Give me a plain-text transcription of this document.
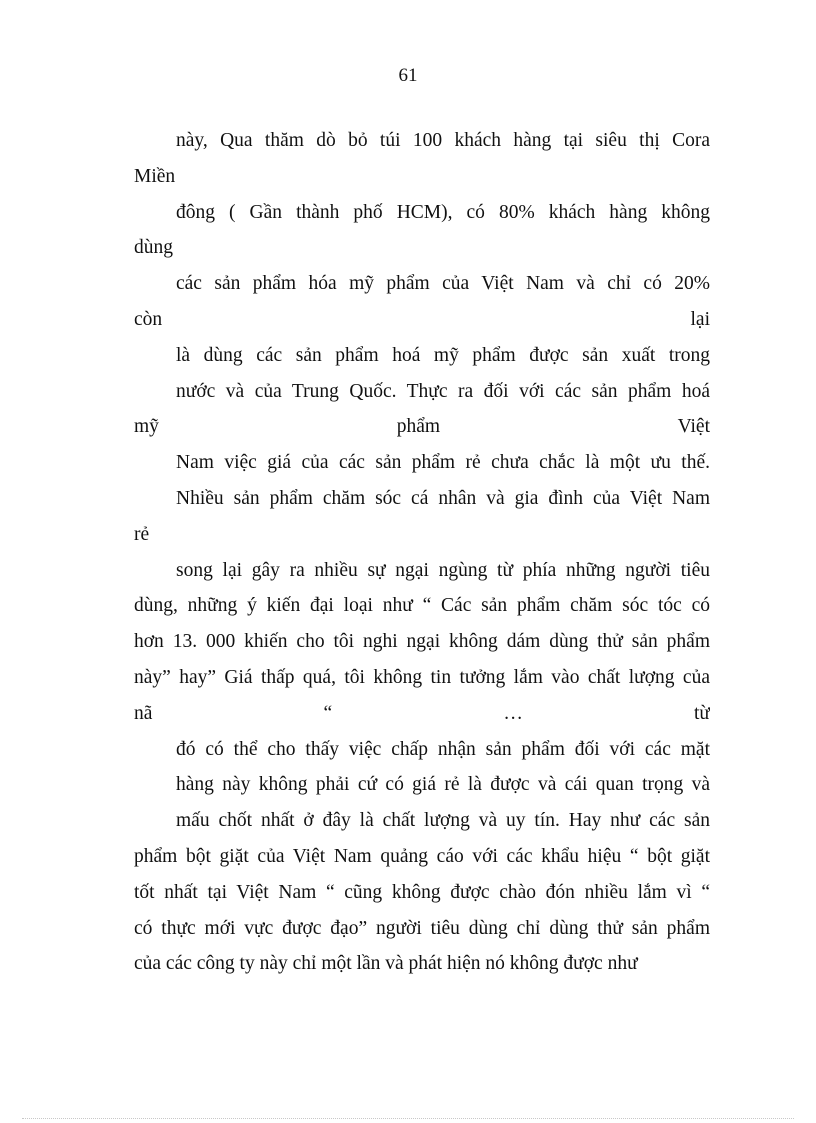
61
này, Qua thăm dò bỏ túi 100 khách hàng tại siêu thị Cora
Miền
đông ( Gần thành phố HCM), có 80% khách hàng không
dùng
các sản phẩm hóa mỹ phẩm của Việt Nam và chỉ có 20%
còn lại
là dùng các sản phẩm hoá mỹ phẩm được sản xuất trong
nước và của Trung Quốc. Thực ra đối với các sản phẩm hoá
mỹ phẩm Việt
Nam việc giá của các sản phẩm rẻ chưa chắc là một ưu thế.
Nhiều sản phẩm chăm sóc cá nhân và gia đình của Việt Nam
rẻ
song lại gây ra nhiều sự ngại ngùng từ phía những người tiêu
dùng, những ý kiến đại loại như “ Các sản phẩm chăm sóc tóc có
hơn 13. 000 khiến cho tôi nghi ngại không dám dùng thử sản phẩm
này” hay” Giá thấp quá, tôi không tin tưởng lắm vào chất lượng của
nã “ … từ
đó có thể cho thấy việc chấp nhận sản phẩm đối với các mặt
hàng này không phải cứ có giá rẻ là được và cái quan trọng và
mấu chốt nhất ở đây là chất lượng và uy tín. Hay như các sản
phẩm bột giặt của Việt Nam quảng cáo với các khẩu hiệu “ bột giặt
tốt nhất tại Việt Nam “ cũng không được chào đón nhiều lắm vì “
có thực mới vực được đạo” người tiêu dùng chỉ dùng thử sản phẩm
của các công ty này chỉ một lần và phát hiện nó không được như
